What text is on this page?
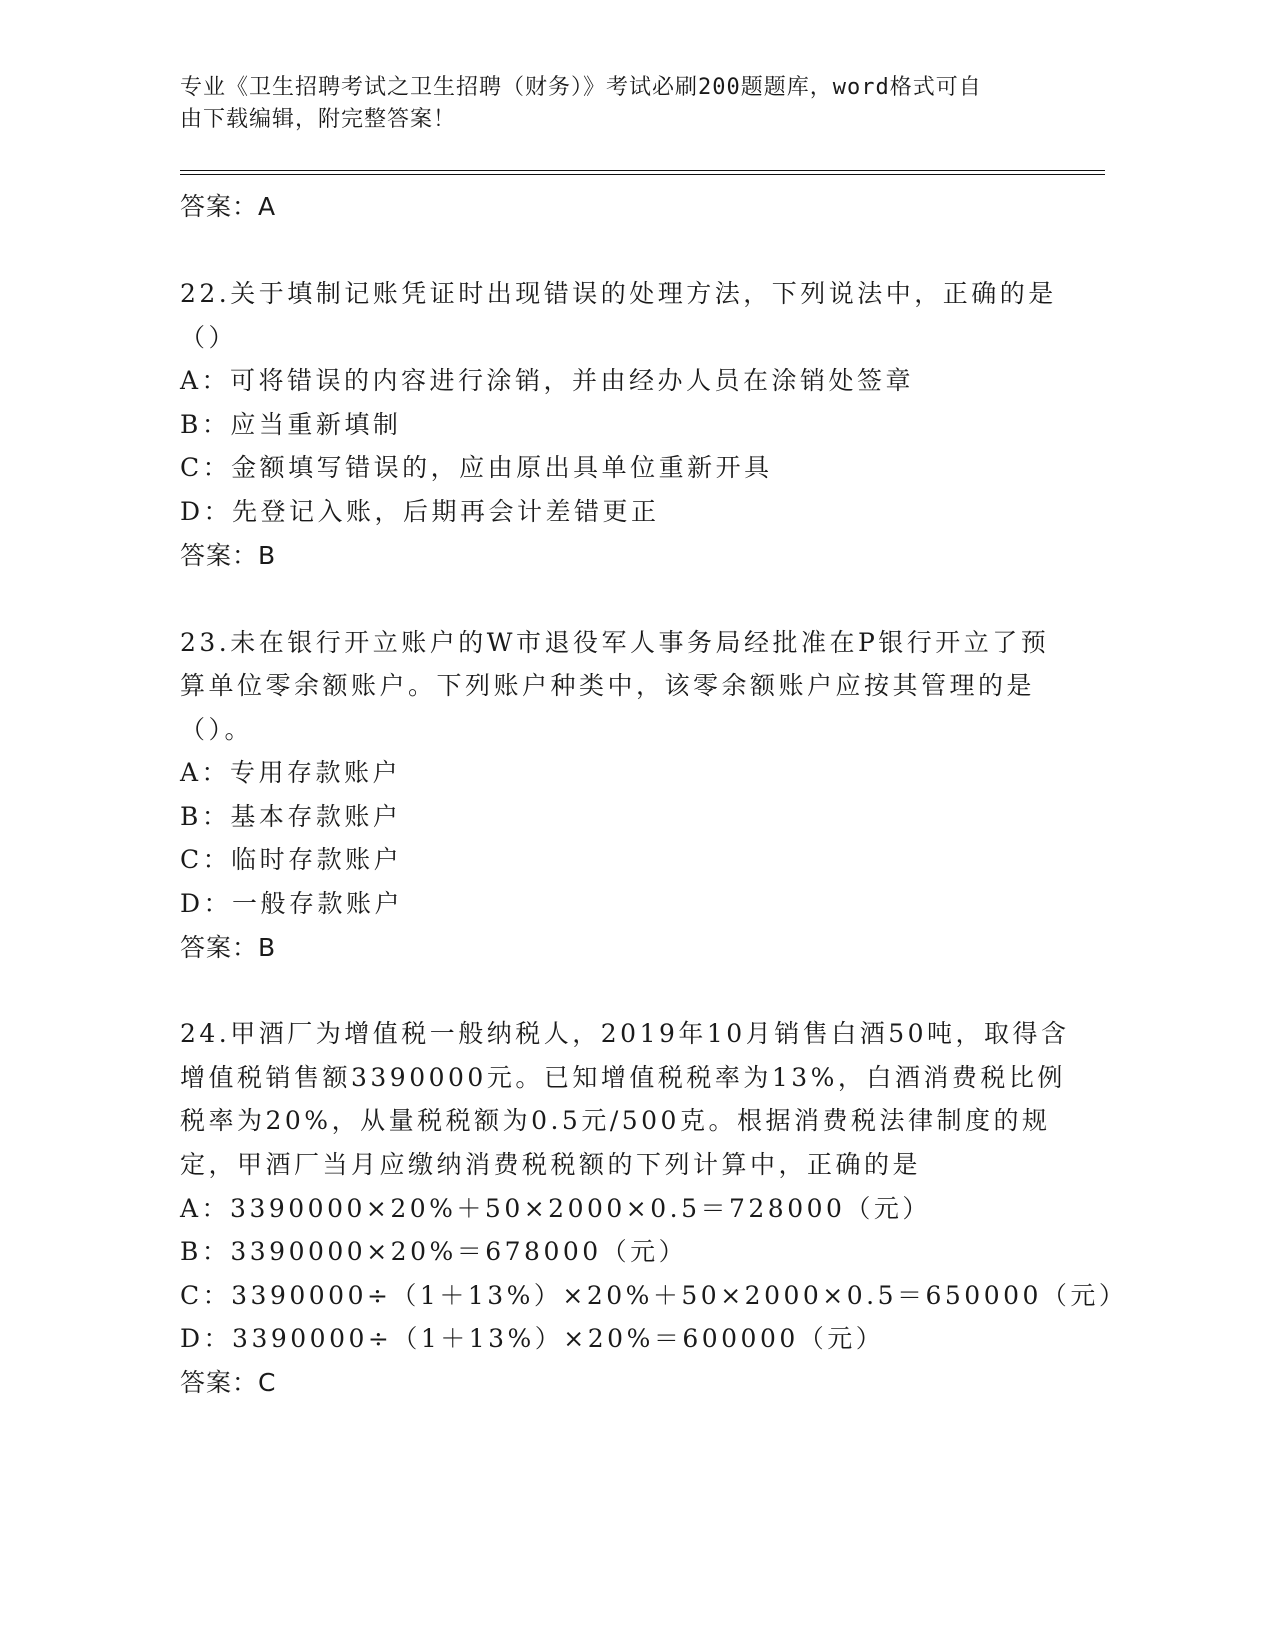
专业《卫生招聘考试之卫生招聘（财务）》考试必刷200题题库，word格式可自
由下载编辑，附完整答案！
答案：A
22.关于填制记账凭证时出现错误的处理方法，下列说法中，正确的是
（）
A：可将错误的内容进行涂销，并由经办人员在涂销处签章
B：应当重新填制
C：金额填写错误的，应由原出具单位重新开具
D：先登记入账，后期再会计差错更正
答案：B
23.未在银行开立账户的W市退役军人事务局经批准在P银行开立了预
算单位零余额账户。下列账户种类中，该零余额账户应按其管理的是
（）。
A：专用存款账户
B：基本存款账户
C：临时存款账户
D：一般存款账户
答案：B
24.甲酒厂为增值税一般纳税人，2019年10月销售白酒50吨，取得含
增值税销售额3390000元。已知增值税税率为13%，白酒消费税比例
税率为20%，从量税税额为0.5元/500克。根据消费税法律制度的规
定，甲酒厂当月应缴纳消费税税额的下列计算中，正确的是
A：3390000×20%＋50×2000×0.5＝728000（元）
B：3390000×20%＝678000（元）
C：3390000÷（1＋13%）×20%＋50×2000×0.5＝650000（元）
D：3390000÷（1＋13%）×20%＝600000（元）
答案：C
